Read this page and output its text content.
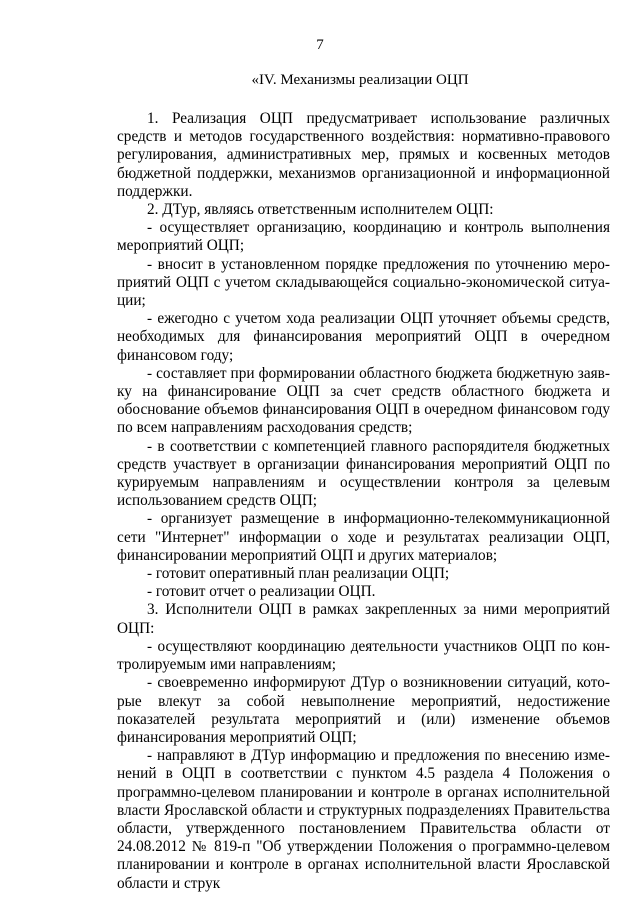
7
«IV. Механизмы реализации ОЦП

1. Реализация ОЦП предусматривает использование различных средств и методов государственного воздействия: нормативно-правового регулирования, административных мер, прямых и косвенных методов бюджетной поддержки, механизмов организационной и информационной поддержки.

2. ДТур, являясь ответственным исполнителем ОЦП:

- осуществляет организацию, координацию и контроль выполнения мероприятий ОЦП;

- вносит в установленном порядке предложения по уточнению мероприятий ОЦП с учетом складывающейся социально-экономической ситуации;

- ежегодно с учетом хода реализации ОЦП уточняет объемы средств, необходимых для финансирования мероприятий ОЦП в очередном финансовом году;

- составляет при формировании областного бюджета бюджетную заявку на финансирование ОЦП за счет средств областного бюджета и обоснование объемов финансирования ОЦП в очередном финансовом году по всем направлениям расходования средств;

- в соответствии с компетенцией главного распорядителя бюджетных средств участвует в организации финансирования мероприятий ОЦП по курируемым направлениям и осуществлении контроля за целевым использованием средств ОЦП;

- организует размещение в информационно-телекоммуникационной сети "Интернет" информации о ходе и результатах реализации ОЦП, финансировании мероприятий ОЦП и других материалов;

- готовит оперативный план реализации ОЦП;

- готовит отчет о реализации ОЦП.

3. Исполнители ОЦП в рамках закрепленных за ними мероприятий ОЦП:

- осуществляют координацию деятельности участников ОЦП по контролируемым ими направлениям;

- своевременно информируют ДТур о возникновении ситуаций, которые влекут за собой невыполнение мероприятий, недостижение показателей результата мероприятий и (или) изменение объемов финансирования мероприятий ОЦП;

- направляют в ДТур информацию и предложения по внесению изменений в ОЦП в соответствии с пунктом 4.5 раздела 4 Положения о программно-целевом планировании и контроле в органах исполнительной власти Ярославской области и структурных подразделениях Правительства области, утвержденного постановлением Правительства области от 24.08.2012 № 819-п "Об утверждении Положения о программно-целевом планировании и контроле в органах исполнительной власти Ярославской области и струк
